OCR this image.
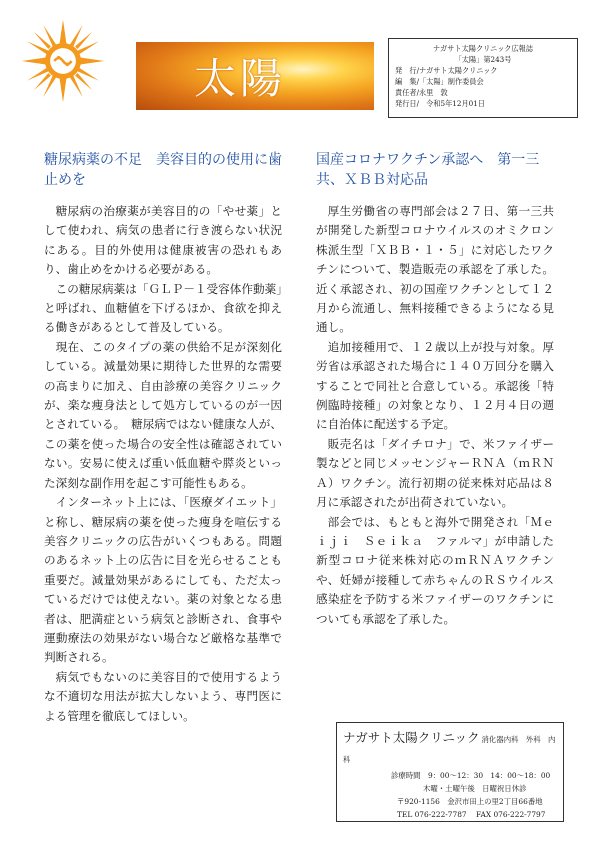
太陽
ナガサト太陽クリニック広報誌
「太陽」第243号
発　行/ナガサト太陽クリニック
編　集/「太陽」制作委員会
責任者/永里　敦
発行日/　令和5年12月01日
糖尿病薬の不足　美容目的の使用に歯止めを
国産コロナワクチン承認へ　第一三共、ＸＢＢ対応品

糖尿病の治療薬が美容目的の「やせ薬」として使われ、病気の患者に行き渡らない状況にある。目的外使用は健康被害の恐れもあり、歯止めをかける必要がある。

この糖尿病薬は「ＧＬＰ－１受容体作動薬」と呼ばれ、血糖値を下げるほか、食欲を抑える働きがあるとして普及している。

現在、このタイプの薬の供給不足が深刻化している。減量効果に期待した世界的な需要の高まりに加え、自由診療の美容クリニックが、楽な痩身法として処方しているのが一因とされている。　糖尿病ではない健康な人が、この薬を使った場合の安全性は確認されていない。安易に使えば重い低血糖や膵炎といった深刻な副作用を起こす可能性もある。

インターネット上には、「医療ダイエット」と称し、糖尿病の薬を使った痩身を喧伝する美容クリニックの広告がいくつもある。問題のあるネット上の広告に目を光らせることも重要だ。減量効果があるにしても、ただ太っているだけでは使えない。薬の対象となる患者は、肥満症という病気と診断され、食事や運動療法の効果がない場合など厳格な基準で判断される。

病気でもないのに美容目的で使用するような不適切な用法が拡大しないよう、専門医による管理を徹底してほしい。

厚生労働省の専門部会は２７日、第一三共が開発した新型コロナウイルスのオミクロン株派生型「ＸＢＢ・１・５」に対応したワクチンについて、製造販売の承認を了承した。近く承認され、初の国産ワクチンとして１２月から流通し、無料接種できるようになる見通し。

追加接種用で、１２歳以上が投与対象。厚労省は承認された場合に１４０万回分を購入することで同社と合意している。承認後「特例臨時接種」の対象となり、１２月４日の週に自治体に配送する予定。

販売名は「ダイチロナ」で、米ファイザー製などと同じメッセンジャーＲＮＡ（ｍＲＮＡ）ワクチン。流行初期の従来株対応品は８月に承認されたが出荷されていない。

部会では、もともと海外で開発され「Ｍｅｉｊｉ　Ｓｅｉｋａ　ファルマ」が申請した新型コロナ従来株対応のｍＲＮＡワクチンや、妊婦が接種して赤ちゃんのＲＳウイルス感染症を予防する米ファイザーのワクチンについても承認を了承した。

ナガサト太陽クリニック 消化器内科　外科　内科
診療時間　9：00～12：30　14：00～18：00
木曜・土曜午後　日曜祝日休診
〒920-1156　金沢市田上の里2丁目66番地
TEL 076-222-7787 FAX 076-222-7797
